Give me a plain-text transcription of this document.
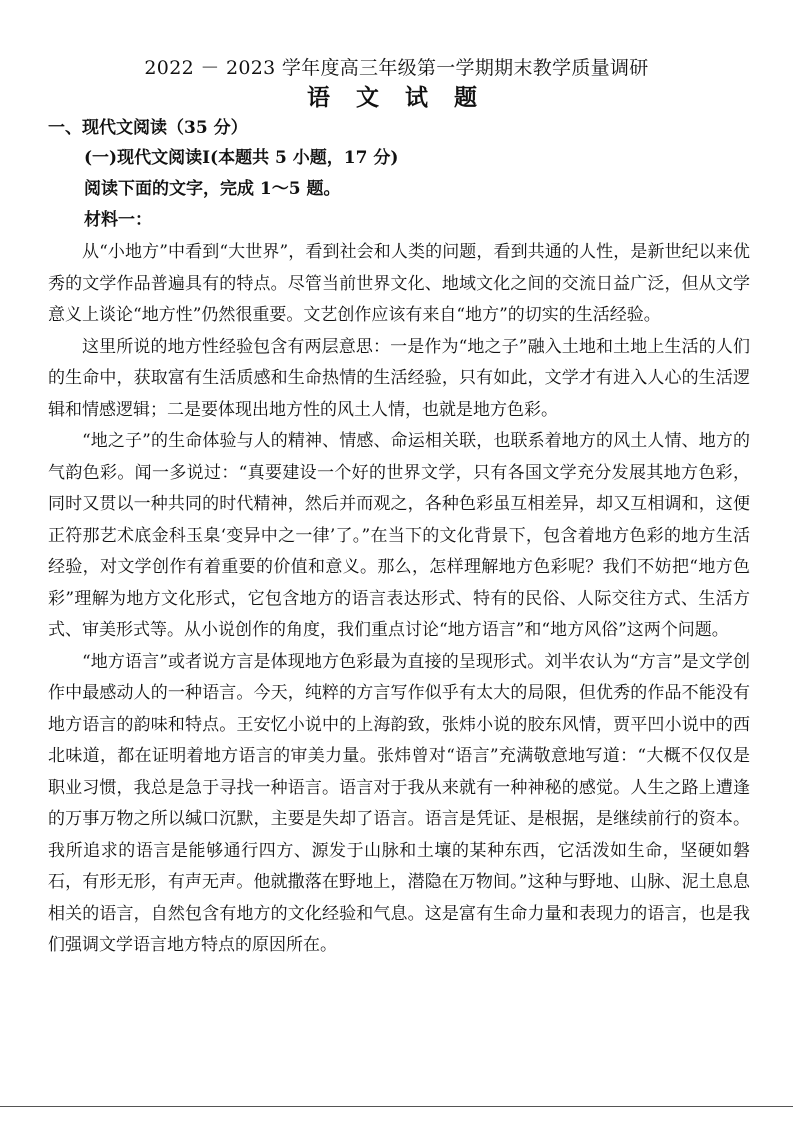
2022 － 2023 学年度高三年级第一学期期末教学质量调研
语 文 试 题
一、现代文阅读（35 分）
(一)现代文阅读Ⅰ(本题共 5 小题，17 分)
阅读下面的文字，完成 1～5 题。
材料一：

从“小地方”中看到“大世界”，看到社会和人类的问题，看到共通的人性，是新世纪以来优秀的文学作品普遍具有的特点。尽管当前世界文化、地域文化之间的交流日益广泛，但从文学意义上谈论“地方性”仍然很重要。文艺创作应该有来自“地方”的切实的生活经验。

这里所说的地方性经验包含有两层意思：一是作为“地之子”融入土地和土地上生活的人们的生命中，获取富有生活质感和生命热情的生活经验，只有如此，文学才有进入人心的生活逻辑和情感逻辑；二是要体现出地方性的风土人情，也就是地方色彩。

“地之子”的生命体验与人的精神、情感、命运相关联，也联系着地方的风土人情、地方的气韵色彩。闻一多说过：“真要建设一个好的世界文学，只有各国文学充分发展其地方色彩，同时又贯以一种共同的时代精神，然后并而观之，各种色彩虽互相差异，却又互相调和，这便正符那艺术底金科玉臬‘变异中之一律’了。”在当下的文化背景下，包含着地方色彩的地方生活经验，对文学创作有着重要的价值和意义。那么，怎样理解地方色彩呢？我们不妨把“地方色彩”理解为地方文化形式，它包含地方的语言表达形式、特有的民俗、人际交往方式、生活方式、审美形式等。从小说创作的角度，我们重点讨论“地方语言”和“地方风俗”这两个问题。

“地方语言”或者说方言是体现地方色彩最为直接的呈现形式。刘半农认为“方言”是文学创作中最感动人的一种语言。今天，纯粹的方言写作似乎有太大的局限，但优秀的作品不能没有地方语言的韵味和特点。王安忆小说中的上海韵致，张炜小说的胶东风情，贾平凹小说中的西北味道，都在证明着地方语言的审美力量。张炜曾对“语言”充满敬意地写道：“大概不仅仅是职业习惯，我总是急于寻找一种语言。语言对于我从来就有一种神秘的感觉。人生之路上遭逢的万事万物之所以缄口沉默，主要是失却了语言。语言是凭证、是根据，是继续前行的资本。我所追求的语言是能够通行四方、源发于山脉和土壤的某种东西，它活泼如生命，坚硬如磐石，有形无形，有声无声。他就撒落在野地上，潜隐在万物间。”这种与野地、山脉、泥土息息相关的语言，自然包含有地方的文化经验和气息。这是富有生命力量和表现力的语言，也是我们强调文学语言地方特点的原因所在。
